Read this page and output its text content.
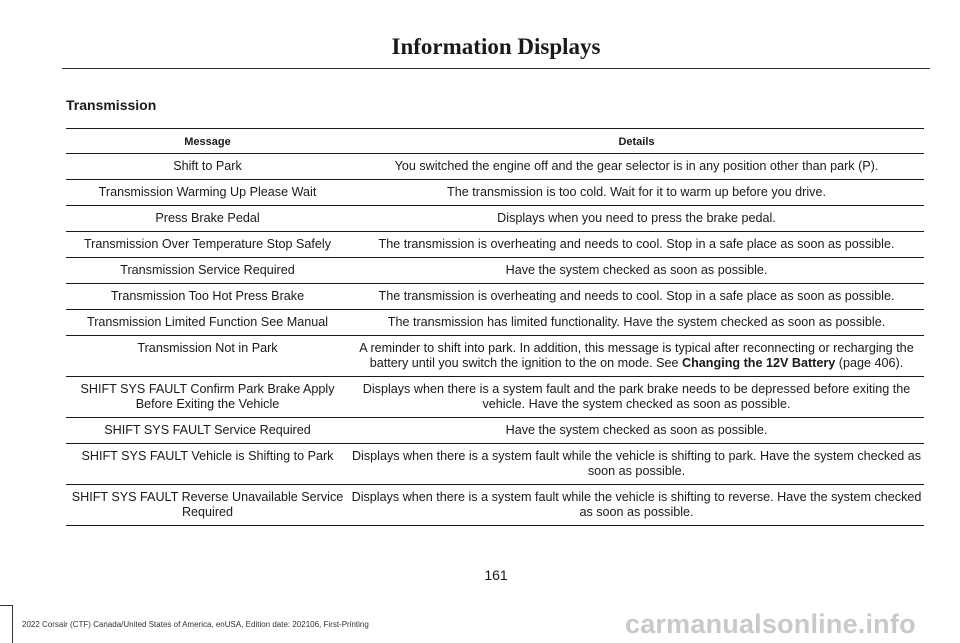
Information Displays
Transmission
Message	Details
Shift to Park	You switched the engine off and the gear selector is in any position other than park (P).
Transmission Warming Up Please Wait	The transmission is too cold. Wait for it to warm up before you drive.
Press Brake Pedal	Displays when you need to press the brake pedal.
Transmission Over Temperature Stop Safely	The transmission is overheating and needs to cool. Stop in a safe place as soon as possible.
Transmission Service Required	Have the system checked as soon as possible.
Transmission Too Hot Press Brake	The transmission is overheating and needs to cool. Stop in a safe place as soon as possible.
Transmission Limited Function See Manual	The transmission has limited functionality. Have the system checked as soon as possible.
Transmission Not in Park	A reminder to shift into park. In addition, this message is typical after reconnecting or recharging the battery until you switch the ignition to the on mode. See Changing the 12V Battery (page 406).
SHIFT SYS FAULT Confirm Park Brake Apply Before Exiting the Vehicle	Displays when there is a system fault and the park brake needs to be depressed before exiting the vehicle. Have the system checked as soon as possible.
SHIFT SYS FAULT Service Required	Have the system checked as soon as possible.
SHIFT SYS FAULT Vehicle is Shifting to Park	Displays when there is a system fault while the vehicle is shifting to park. Have the system checked as soon as possible.
SHIFT SYS FAULT Reverse Unavailable Service Required	Displays when there is a system fault while the vehicle is shifting to reverse. Have the system checked as soon as possible.
161
2022 Corsair (CTF) Canada/United States of America, enUSA, Edition date: 202106, First-Printing	carmanualsonline.info
